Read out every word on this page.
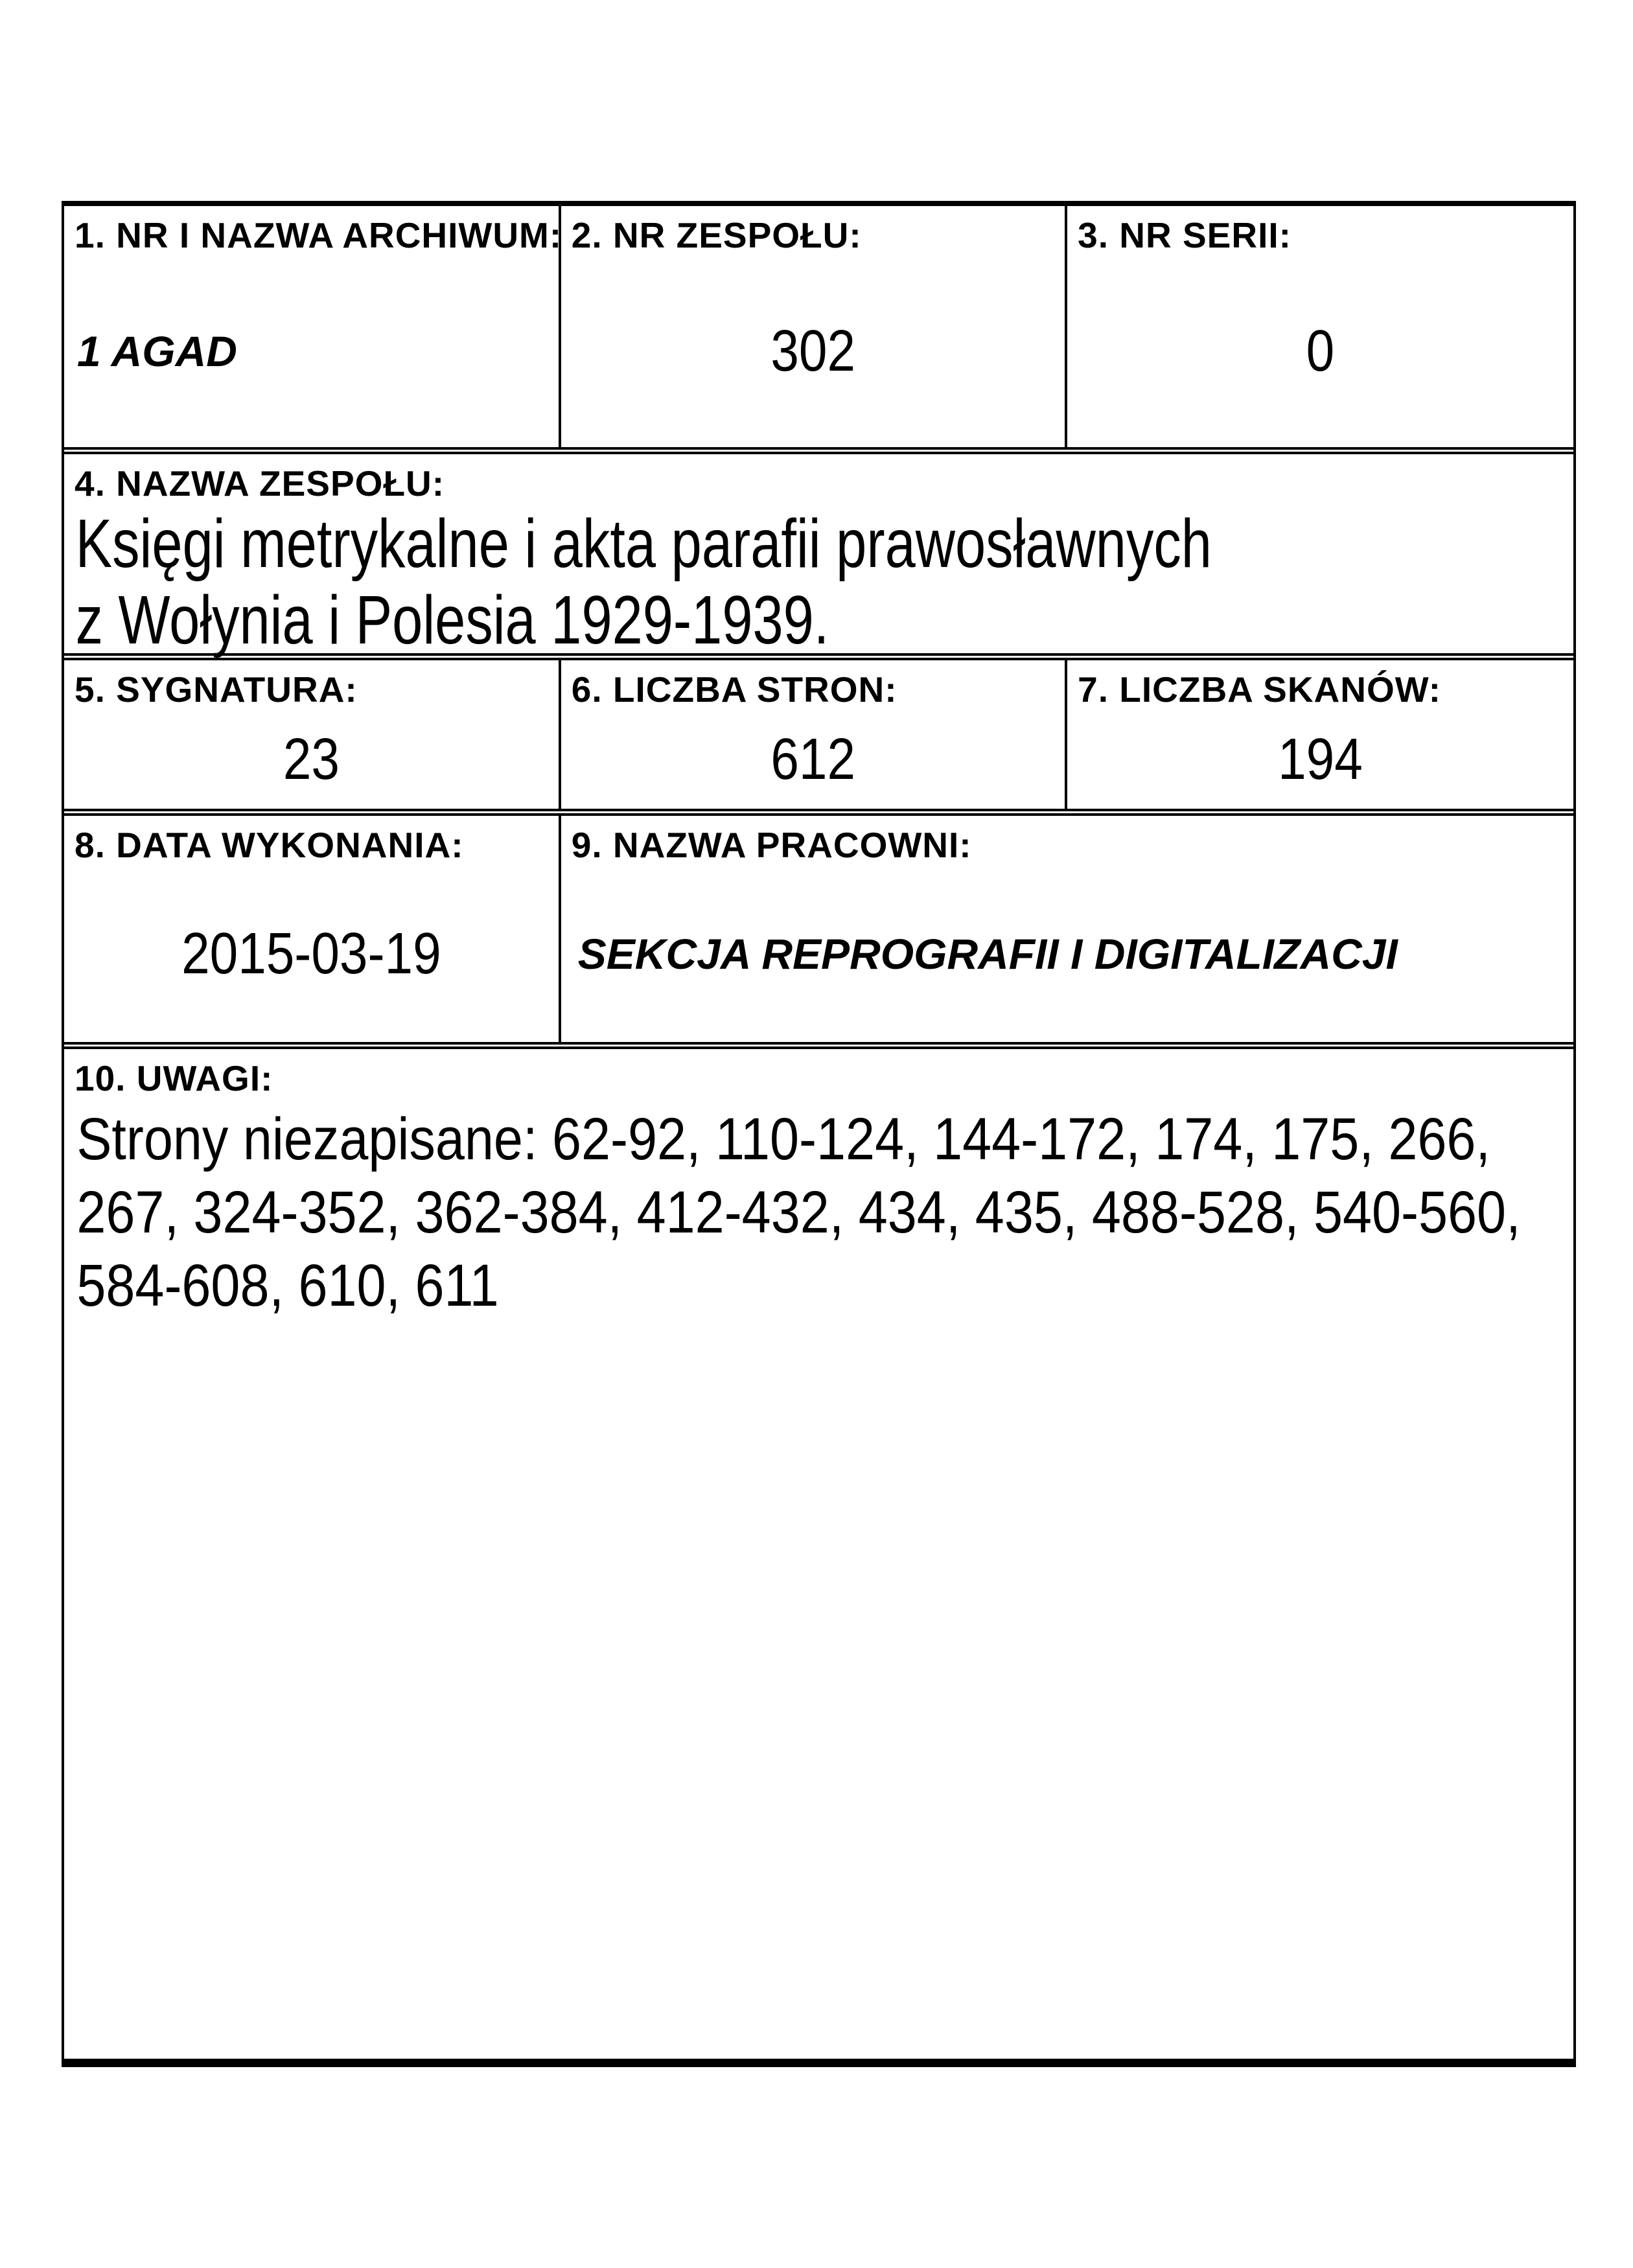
1. NR I NAZWA ARCHIWUM:
1 AGAD
2. NR ZESPOŁU:
302
3. NR SERII:
0
4. NAZWA ZESPOŁU:
Księgi metrykalne i akta parafii prawosławnych z Wołynia i Polesia 1929-1939.
5. SYGNATURA:
23
6. LICZBA STRON:
612
7. LICZBA SKANÓW:
194
8. DATA WYKONANIA:
2015-03-19
9. NAZWA PRACOWNI:
SEKCJA REPROGRAFII I DIGITALIZACJI
10. UWAGI:
Strony niezapisane: 62-92, 110-124, 144-172, 174, 175, 266, 267, 324-352, 362-384, 412-432, 434, 435, 488-528, 540-560, 584-608, 610, 611
